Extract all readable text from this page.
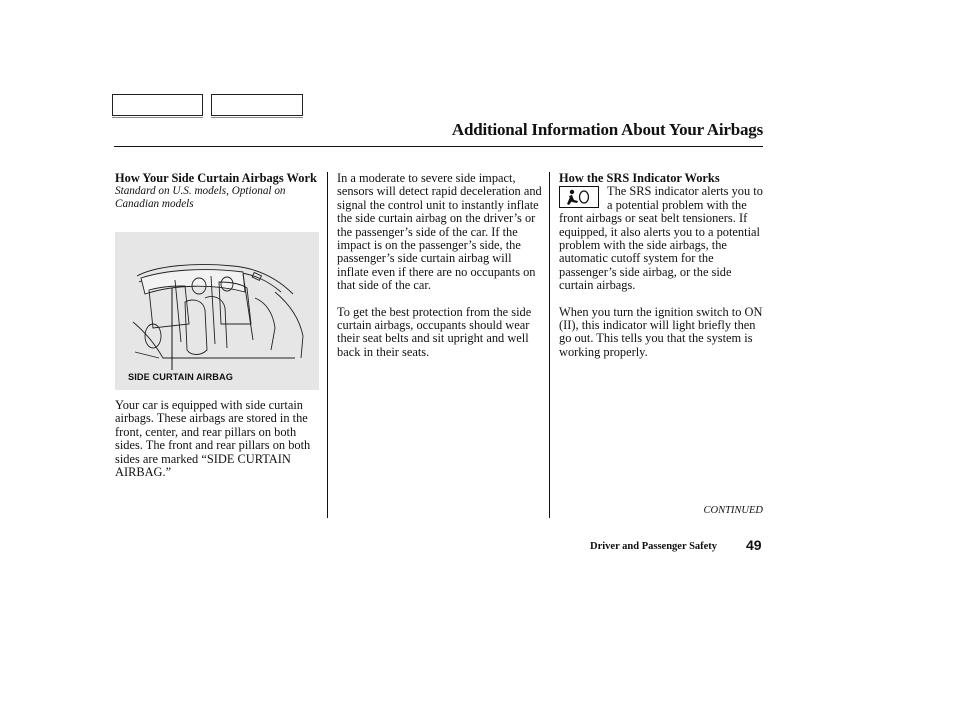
Additional Information About Your Airbags
How Your Side Curtain Airbags Work
Standard on U.S. models, Optional on Canadian models
SIDE CURTAIN AIRBAG

Your car is equipped with side curtain airbags. These airbags are stored in the front, center, and rear pillars on both sides. The front and rear pillars on both sides are marked “SIDE CURTAIN AIRBAG.”

In a moderate to severe side impact, sensors will detect rapid deceleration and signal the control unit to instantly inflate the side curtain airbag on the driver’s or the passenger’s side of the car. If the impact is on the passenger’s side, the passenger’s side curtain airbag will inflate even if there are no occupants on that side of the car.

To get the best protection from the side curtain airbags, occupants should wear their seat belts and sit upright and well back in their seats.

How the SRS Indicator Works

The SRS indicator alerts you to a potential problem with the front airbags or seat belt tensioners. If equipped, it also alerts you to a potential problem with the side airbags, the automatic cutoff system for the passenger’s side airbag, or the side curtain airbags.

When you turn the ignition switch to ON (II), this indicator will light briefly then go out. This tells you that the system is working properly.

CONTINUED
Driver and Passenger Safety 49
